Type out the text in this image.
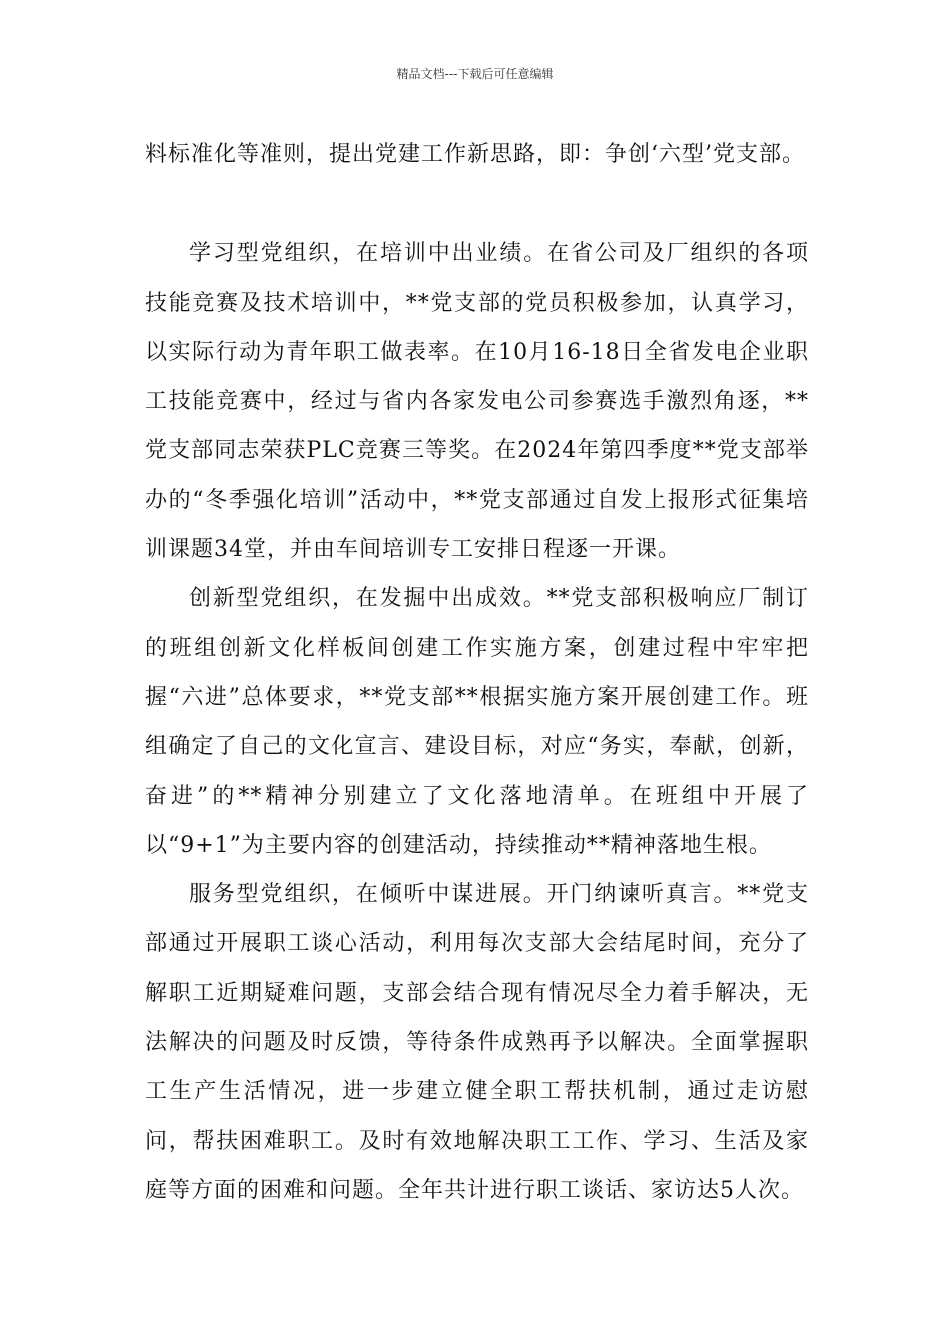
精品文档---下载后可任意编辑

料标准化等准则，提出党建工作新思路，即：争创‘六型’党支部。

学习型党组织，在培训中出业绩。在省公司及厂组织的各项技能竞赛及技术培训中，**党支部的党员积极参加，认真学习，以实际行动为青年职工做表率。在10月16-18日全省发电企业职工技能竞赛中，经过与省内各家发电公司参赛选手激烈角逐，**党支部同志荣获PLC竞赛三等奖。在2024年第四季度**党支部举办的“冬季强化培训”活动中，**党支部通过自发上报形式征集培训课题34堂，并由车间培训专工安排日程逐一开课。

创新型党组织，在发掘中出成效。**党支部积极响应厂制订的班组创新文化样板间创建工作实施方案，创建过程中牢牢把握“六进”总体要求，**党支部**根据实施方案开展创建工作。班组确定了自己的文化宣言、建设目标，对应“务实，奉献，创新，奋进”的**精神分别建立了文化落地清单。在班组中开展了以“9+1”为主要内容的创建活动，持续推动**精神落地生根。

服务型党组织，在倾听中谋进展。开门纳谏听真言。**党支部通过开展职工谈心活动，利用每次支部大会结尾时间，充分了解职工近期疑难问题，支部会结合现有情况尽全力着手解决，无法解决的问题及时反馈，等待条件成熟再予以解决。全面掌握职工生产生活情况，进一步建立健全职工帮扶机制，通过走访慰问，帮扶困难职工。及时有效地解决职工工作、学习、生活及家庭等方面的困难和问题。全年共计进行职工谈话、家访达5人次。
